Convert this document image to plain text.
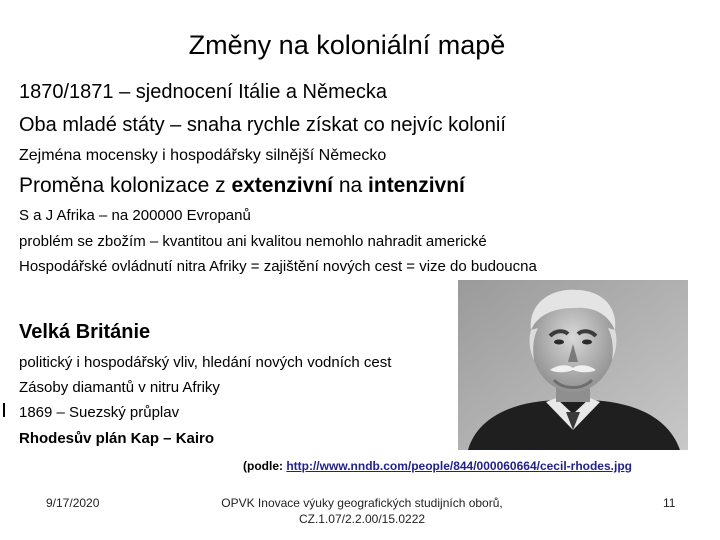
Změny na koloniální mapě
1870/1871 – sjednocení Itálie a Německa
Oba mladé státy – snaha rychle získat co nejvíc kolonií
Zejména mocensky i hospodářsky silnější Německo
Proměna kolonizace z extenzivní na intenzivní
S a J Afrika – na 200000 Evropanů
problém se zbožím – kvantitou ani kvalitou nemohlo nahradit americké
Hospodářské ovládnutí nitra Afriky = zajištění nových cest = vize do budoucna
Velká Británie
politický i hospodářský vliv, hledání nových vodních cest
Zásoby diamantů v nitru Afriky
1869 – Suezský průplav
Rhodesův plán Kap – Kairo
(podle: http://www.nndb.com/people/844/000060664/cecil-rhodes.jpg
9/17/2020	OPVK Inovace výuky geografických studijních oborů, CZ.1.07/2.2.00/15.0222
11
